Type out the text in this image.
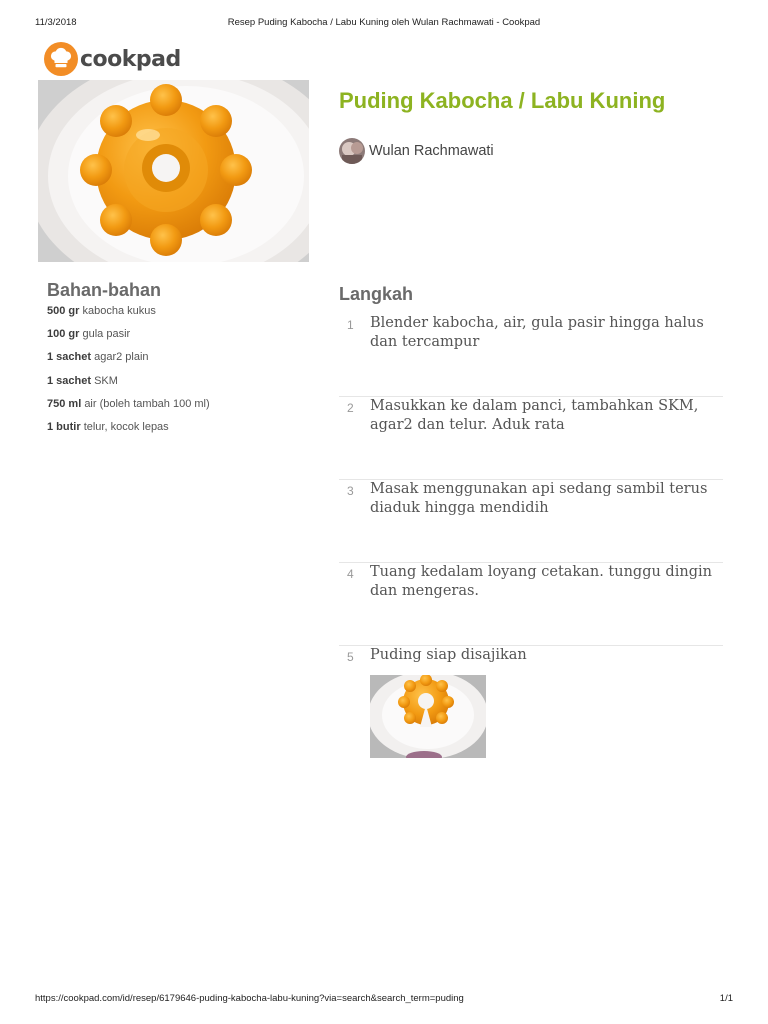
11/3/2018	Resep Puding Kabocha / Labu Kuning oleh Wulan Rachmawati - Cookpad
cookpad
Puding Kabocha / Labu Kuning
Wulan Rachmawati
Bahan-bahan
500 gr kabocha kukus
100 gr gula pasir
1 sachet agar2 plain
1 sachet SKM
750 ml air (boleh tambah 100 ml)
1 butir telur, kocok lepas
Langkah
1 Blender kabocha, air, gula pasir hingga halus dan tercampur
2 Masukkan ke dalam panci, tambahkan SKM, agar2 dan telur. Aduk rata
3 Masak menggunakan api sedang sambil terus diaduk hingga mendidih
4 Tuang kedalam loyang cetakan. tunggu dingin dan mengeras.
5 Puding siap disajikan
https://cookpad.com/id/resep/6179646-puding-kabocha-labu-kuning?via=search&search_term=puding	1/1
